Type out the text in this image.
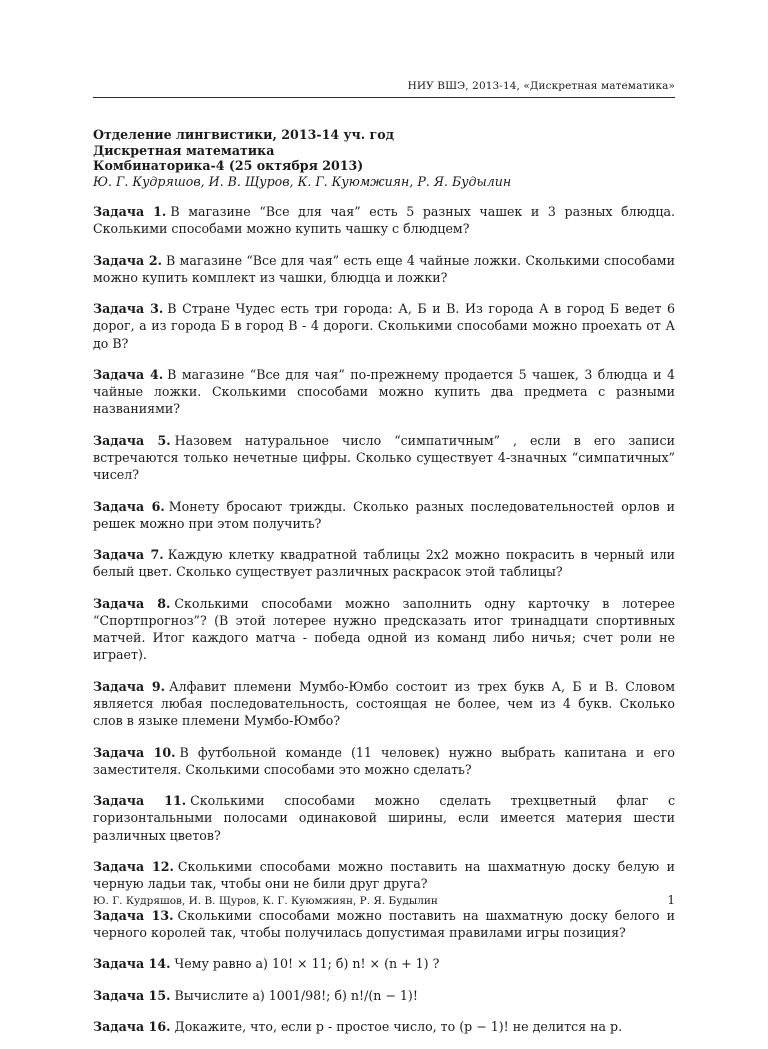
НИУ ВШЭ, 2013-14, «Дискретная математика»
Отделение лингвистики, 2013-14 уч. год
Дискретная математика
Комбинаторика-4 (25 октября 2013)
Ю. Г. Кудряшов, И. В. Щуров, К. Г. Куюмжиян, Р. Я. Будылин

Задача 1. В магазине “Все для чая” есть 5 разных чашек и 3 разных блюдца. Сколькими способами можно купить чашку с блюдцем?

Задача 2. В магазине “Все для чая” есть еще 4 чайные ложки. Сколькими способами можно купить комплект из чашки, блюдца и ложки?

Задача 3. В Стране Чудес есть три города: А, Б и В. Из города А в город Б ведет 6 дорог, а из города Б в город В - 4 дороги. Сколькими способами можно проехать от А до В?

Задача 4. В магазине “Все для чая” по-прежнему продается 5 чашек, 3 блюдца и 4 чайные ложки. Сколькими способами можно купить два предмета с разными названиями?

Задача 5. Назовем натуральное число “симпатичным” , если в его записи встречаются только нечетные цифры. Сколько существует 4-значных “симпатичных” чисел?

Задача 6. Монету бросают трижды. Сколько разных последовательностей орлов и решек можно при этом получить?

Задача 7. Каждую клетку квадратной таблицы 2x2 можно покрасить в черный или белый цвет. Сколько существует различных раскрасок этой таблицы?

Задача 8. Сколькими способами можно заполнить одну карточку в лотерее “Спортпрогноз”? (В этой лотерее нужно предсказать итог тринадцати спортивных матчей. Итог каждого матча - победа одной из команд либо ничья; счет роли не играет).

Задача 9. Алфавит племени Мумбо-Юмбо состоит из трех букв А, Б и В. Словом является любая последовательность, состоящая не более, чем из 4 букв. Сколько слов в языке племени Мумбо-Юмбо?

Задача 10. В футбольной команде (11 человек) нужно выбрать капитана и его заместителя. Сколькими способами это можно сделать?

Задача 11. Сколькими способами можно сделать трехцветный флаг с горизонтальными полосами одинаковой ширины, если имеется материя шести различных цветов?

Задача 12. Сколькими способами можно поставить на шахматную доску белую и черную ладьи так, чтобы они не били друг друга?

Задача 13. Сколькими способами можно поставить на шахматную доску белого и черного королей так, чтобы получилась допустимая правилами игры позиция?

Задача 14. Чему равно а) 10! × 11; б) n! × (n + 1) ?

Задача 15. Вычислите а) 1001/98!; б) n!/(n − 1)!

Задача 16. Докажите, что, если p - простое число, то (p − 1)! не делится на p.

Ю. Г. Кудряшов, И. В. Щуров, К. Г. Куюмжиян, Р. Я. Будылин	1
